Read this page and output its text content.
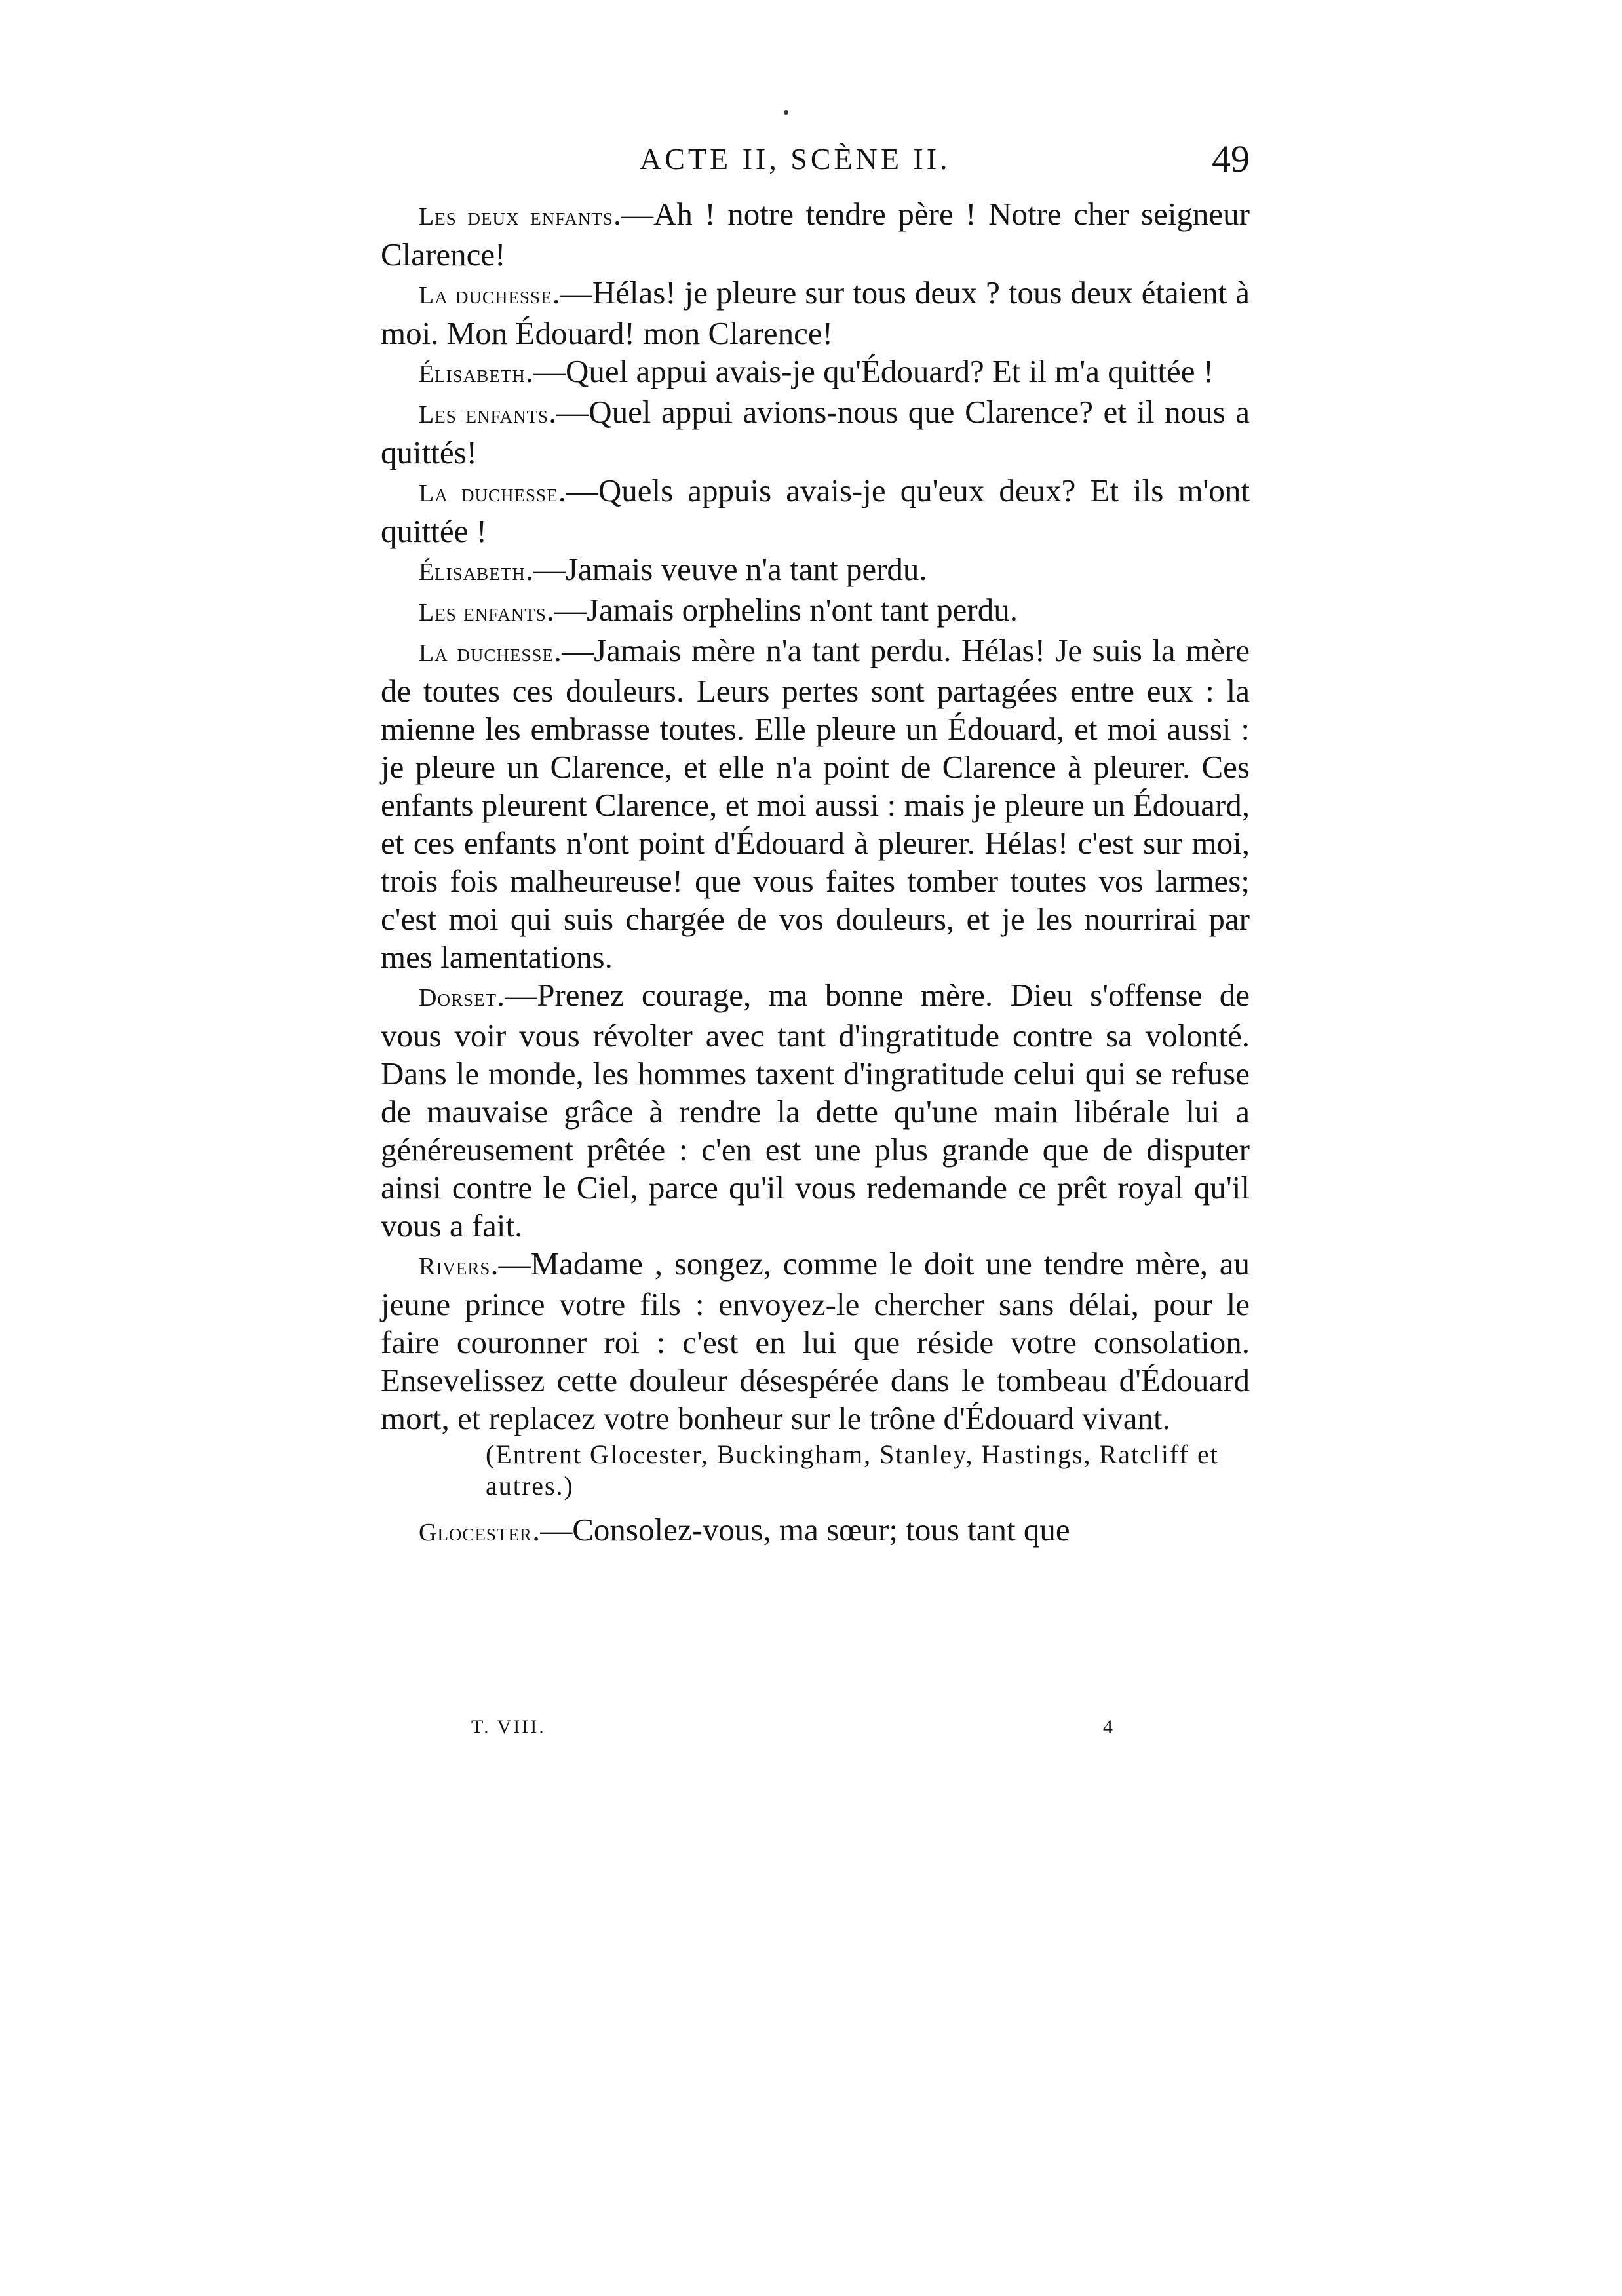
ACTE II, SCÈNE II.	49

Les deux enfants.—Ah ! notre tendre père ! Notre cher seigneur Clarence!

La duchesse.—Hélas! je pleure sur tous deux ? tous deux étaient à moi. Mon Édouard! mon Clarence!

Élisabeth.—Quel appui avais-je qu'Édouard? Et il m'a quittée !

Les enfants.—Quel appui avions-nous que Clarence? et il nous a quittés!

La duchesse.—Quels appuis avais-je qu'eux deux? Et ils m'ont quittée !

Élisabeth.—Jamais veuve n'a tant perdu.

Les enfants.—Jamais orphelins n'ont tant perdu.

La duchesse.—Jamais mère n'a tant perdu. Hélas! Je suis la mère de toutes ces douleurs. Leurs pertes sont partagées entre eux : la mienne les embrasse toutes. Elle pleure un Édouard, et moi aussi : je pleure un Clarence, et elle n'a point de Clarence à pleurer. Ces enfants pleurent Clarence, et moi aussi : mais je pleure un Édouard, et ces enfants n'ont point d'Édouard à pleurer. Hélas! c'est sur moi, trois fois malheureuse! que vous faites tomber toutes vos larmes; c'est moi qui suis chargée de vos douleurs, et je les nourrirai par mes lamentations.

Dorset.—Prenez courage, ma bonne mère. Dieu s'offense de vous voir vous révolter avec tant d'ingratitude contre sa volonté. Dans le monde, les hommes taxent d'ingratitude celui qui se refuse de mauvaise grâce à rendre la dette qu'une main libérale lui a généreusement prêtée : c'en est une plus grande que de disputer ainsi contre le Ciel, parce qu'il vous redemande ce prêt royal qu'il vous a fait.

Rivers.—Madame , songez, comme le doit une tendre mère, au jeune prince votre fils : envoyez-le chercher sans délai, pour le faire couronner roi : c'est en lui que réside votre consolation. Ensevelissez cette douleur désespérée dans le tombeau d'Édouard mort, et replacez votre bonheur sur le trône d'Édouard vivant.

(Entrent Glocester, Buckingham, Stanley, Hastings, Ratcliff et autres.)

Glocester.—Consolez-vous, ma sœur; tous tant que

T. VIII.	4
